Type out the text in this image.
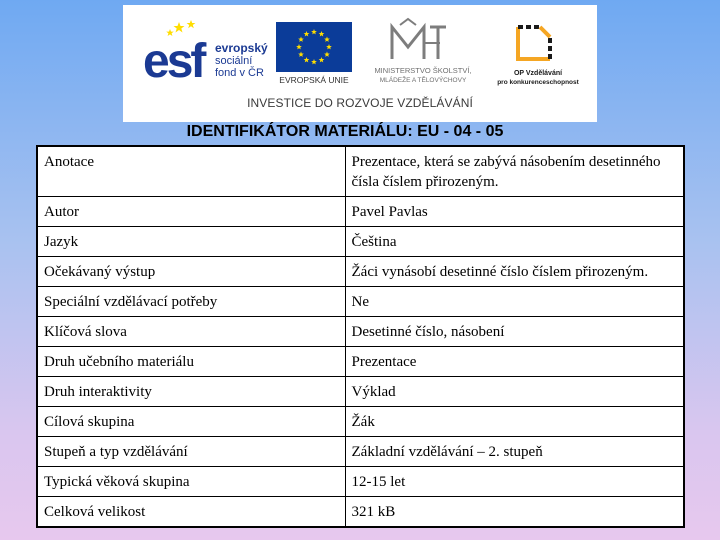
esf evropský
sociální
fond v ČR
EVROPSKÁ UNIE
MINISTERSTVO ŠKOLSTVÍ,
MLÁDEŽE A TĚLOVÝCHOVY
OP Vzdělávání
pro konkurenceschopnost
INVESTICE DO ROZVOJE VZDĚLÁVÁNÍ
IDENTIFIKÁTOR MATERIÁLU: EU - 04 - 05
Anotace	Prezentace, která se zabývá násobením desetinného čísla číslem přirozeným.
Autor	Pavel Pavlas
Jazyk	Čeština
Očekávaný výstup	Žáci vynásobí desetinné číslo číslem přirozeným.
Speciální vzdělávací potřeby	Ne
Klíčová slova	Desetinné číslo, násobení
Druh učebního materiálu	Prezentace
Druh interaktivity	Výklad
Cílová skupina	Žák
Stupeň a typ vzdělávání	Základní vzdělávání – 2. stupeň
Typická věková skupina	12-15 let
Celková velikost	321 kB
